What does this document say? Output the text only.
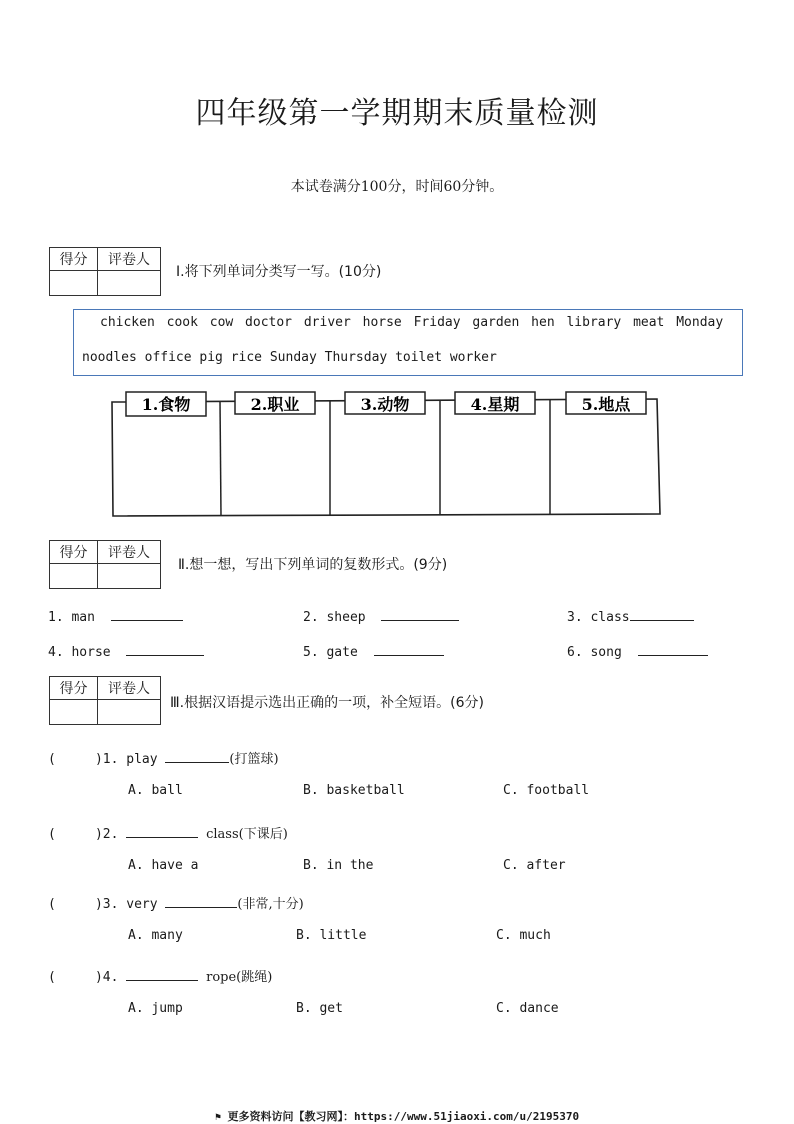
四年级第一学期期末质量检测
本试卷满分100分，时间60分钟。
得分	评卷人

Ⅰ.将下列单词分类写一写。(10分)
chicken cook cow doctor driver horse Friday garden hen library meat Monday
noodles office pig rice Sunday Thursday toilet worker
1.食物	2.职业	3.动物	4.星期	5.地点
得分	评卷人

Ⅱ.想一想，写出下列单词的复数形式。(9分)
1. man	2. sheep	3. class
4. horse	5. gate	6. song
得分	评卷人

Ⅲ.根据汉语提示选出正确的一项，补全短语。(6分)
(     )1. play	(打篮球)
A. ball	B. basketball	C. football
(     )2.	class(下课后)
A. have a	B. in the	C. after
(     )3. very	(非常,十分)
A. many	B. little	C. much
(     )4.	rope(跳绳)
A. jump	B. get	C. dance
⚑ 更多资料访问【教习网】：https://www.51jiaoxi.com/u/2195370
